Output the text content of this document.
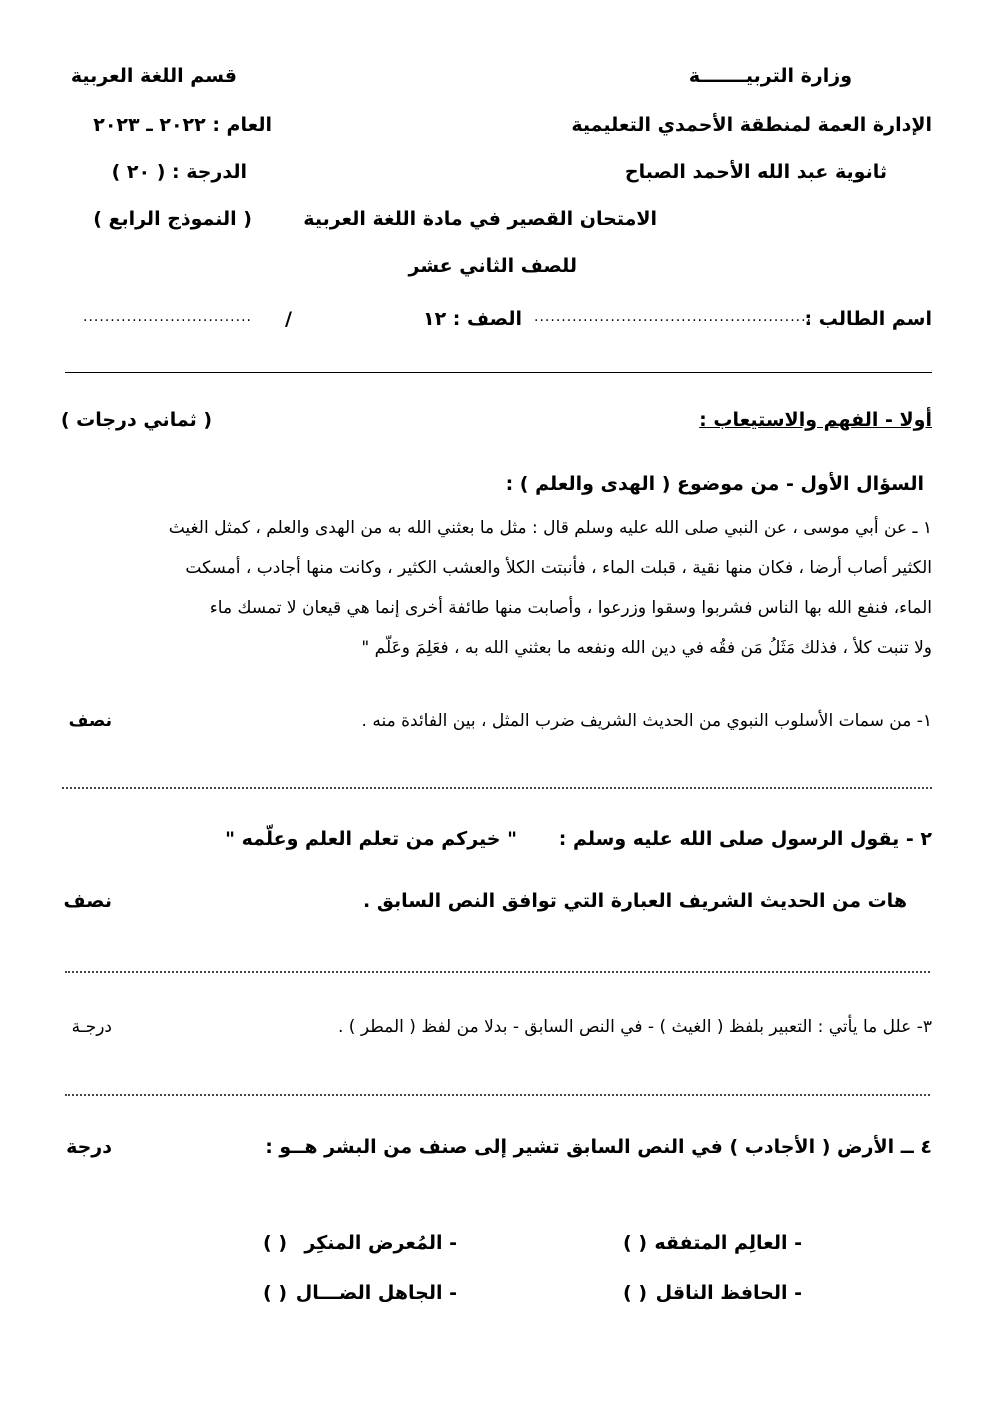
وزارة التربيـــــــة
قسم اللغة العربية
الإدارة العمة لمنطقة الأحمدي التعليمية
العام : ٢٠٢٢ ـ ٢٠٢٣
ثانوية عبد الله الأحمد الصباح
الدرجة : ( ٢٠ )
الامتحان القصير في مادة اللغة العربية
( النموذج الرابع )
للصف الثاني عشر
اسم الطالب :
...................................................
الصف : ١٢
/
...............................
أولا - الفهم والاستيعاب :
( ثماني درجات )
السؤال الأول - من موضوع ( الهدى والعلم ) :
١ ـ عن أبي موسى ، عن النبي صلى الله عليه وسلم قال : مثل ما بعثني الله به من الهدى والعلم ، كمثل الغيث
الكثير أصاب أرضا ، فكان منها نقية ، قبلت الماء ، فأنبتت الكلأ والعشب الكثير ، وكانت منها أجادب ، أمسكت
الماء، فنفع الله بها الناس فشربوا وسقوا وزرعوا ، وأصابت منها طائفة أخرى إنما هي قيعان لا تمسك ماء
ولا تنبت كلأ ، فذلك مَثَلُ مَن فقُه في دين الله ونفعه ما بعثني الله به ، فعَلِمَ وعَلّم "
١- من سمات الأسلوب النبوي من الحديث الشريف ضرب المثل ، بين الفائدة منه .
نصف
٢ - يقول الرسول صلى الله عليه وسلم :
" خيركم من تعلم العلم وعلّمه "
هات من الحديث الشريف العبارة التي توافق النص السابق .
نصف
٣- علل ما يأتي : التعبير بلفظ ( الغيث ) - في النص السابق - بدلا من لفظ ( المطر ) .
درجـة
٤ ــ الأرض ( الأجادب ) في النص السابق تشير إلى صنف من البشر هــو :
درجة
- العالِم المتفقه
( )
- المُعرض المنكِر
( )
- الحافظ الناقل
( )
- الجاهل الضـــال
( )
